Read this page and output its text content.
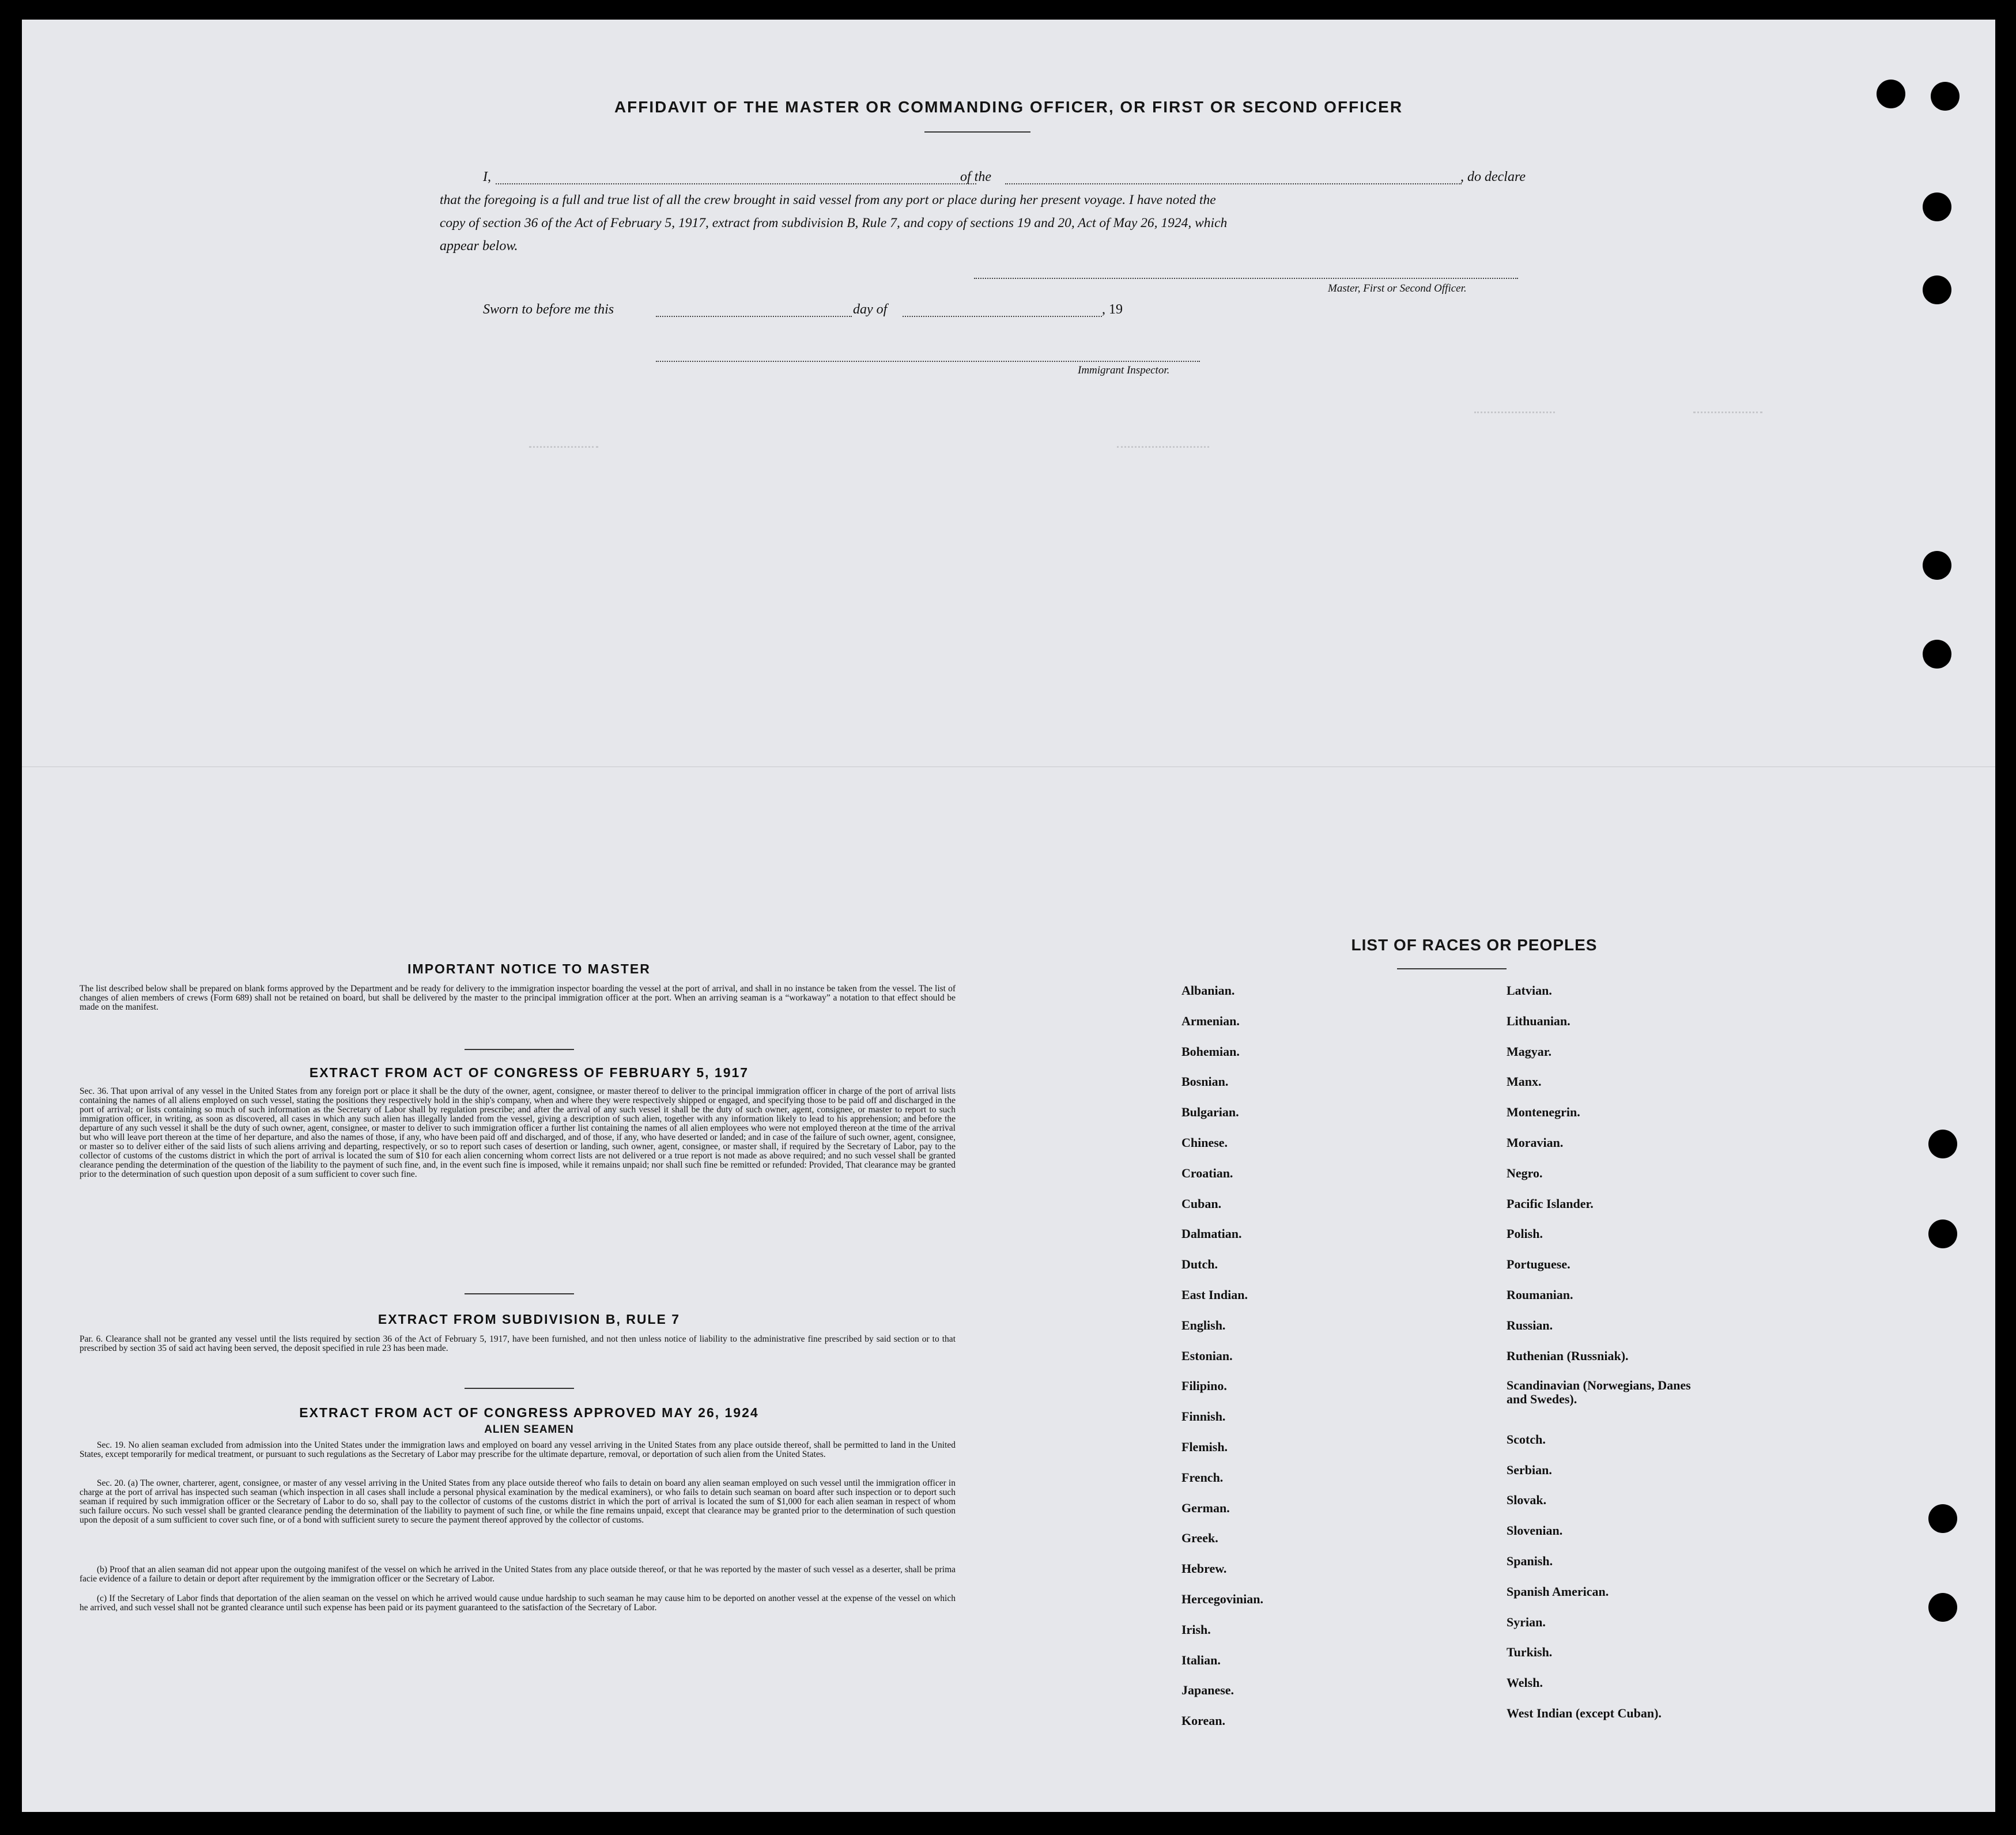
AFFIDAVIT OF THE MASTER OR COMMANDING OFFICER, OR FIRST OR SECOND OFFICER
I,	of the	, do declare
that the foregoing is a full and true list of all the crew brought in said vessel from any port or place during her present voyage. I have noted the
copy of section 36 of the Act of February 5, 1917, extract from subdivision B, Rule 7, and copy of sections 19 and 20, Act of May 26, 1924, which
appear below.
Master, First or Second Officer.
Sworn to before me this	day of	, 19
Immigrant Inspector.
IMPORTANT NOTICE TO MASTER
The list described below shall be prepared on blank forms approved by the Department and be ready for delivery to the immigration inspector boarding the vessel at the port of arrival, and shall in no instance be taken from the vessel. The list of changes of alien members of crews (Form 689) shall not be retained on board, but shall be delivered by the master to the principal immigration officer at the port. When an arriving seaman is a “workaway” a notation to that effect should be made on the manifest.
EXTRACT FROM ACT OF CONGRESS OF FEBRUARY 5, 1917
Sec. 36. That upon arrival of any vessel in the United States from any foreign port or place it shall be the duty of the owner, agent, consignee, or master thereof to deliver to the principal immigration officer in charge of the port of arrival lists containing the names of all aliens employed on such vessel, stating the positions they respectively hold in the ship's company, when and where they were respectively shipped or engaged, and specifying those to be paid off and discharged in the port of arrival; or lists containing so much of such information as the Secretary of Labor shall by regulation prescribe; and after the arrival of any such vessel it shall be the duty of such owner, agent, consignee, or master to report to such immigration officer, in writing, as soon as discovered, all cases in which any such alien has illegally landed from the vessel, giving a description of such alien, together with any information likely to lead to his apprehension; and before the departure of any such vessel it shall be the duty of such owner, agent, consignee, or master to deliver to such immigration officer a further list containing the names of all alien employees who were not employed thereon at the time of the arrival but who will leave port thereon at the time of her departure, and also the names of those, if any, who have been paid off and discharged, and of those, if any, who have deserted or landed; and in case of the failure of such owner, agent, consignee, or master so to deliver either of the said lists of such aliens arriving and departing, respectively, or so to report such cases of desertion or landing, such owner, agent, consignee, or master shall, if required by the Secretary of Labor, pay to the collector of customs of the customs district in which the port of arrival is located the sum of $10 for each alien concerning whom correct lists are not delivered or a true report is not made as above required; and no such vessel shall be granted clearance pending the determination of the question of the liability to the payment of such fine, and, in the event such fine is imposed, while it remains unpaid; nor shall such fine be remitted or refunded: Provided, That clearance may be granted prior to the determination of such question upon deposit of a sum sufficient to cover such fine.
EXTRACT FROM SUBDIVISION B, RULE 7
Par. 6. Clearance shall not be granted any vessel until the lists required by section 36 of the Act of February 5, 1917, have been furnished, and not then unless notice of liability to the administrative fine prescribed by said section or to that prescribed by section 35 of said act having been served, the deposit specified in rule 23 has been made.
EXTRACT FROM ACT OF CONGRESS APPROVED MAY 26, 1924
ALIEN SEAMEN
Sec. 19. No alien seaman excluded from admission into the United States under the immigration laws and employed on board any vessel arriving in the United States from any place outside thereof, shall be permitted to land in the United States, except temporarily for medical treatment, or pursuant to such regulations as the Secretary of Labor may prescribe for the ultimate departure, removal, or deportation of such alien from the United States.
Sec. 20. (a) The owner, charterer, agent, consignee, or master of any vessel arriving in the United States from any place outside thereof who fails to detain on board any alien seaman employed on such vessel until the immigration officer in charge at the port of arrival has inspected such seaman (which inspection in all cases shall include a personal physical examination by the medical examiners), or who fails to detain such seaman on board after such inspection or to deport such seaman if required by such immigration officer or the Secretary of Labor to do so, shall pay to the collector of customs of the customs district in which the port of arrival is located the sum of $1,000 for each alien seaman in respect of whom such failure occurs. No such vessel shall be granted clearance pending the determination of the liability to payment of such fine, or while the fine remains unpaid, except that clearance may be granted prior to the determination of such question upon the deposit of a sum sufficient to cover such fine, or of a bond with sufficient surety to secure the payment thereof approved by the collector of customs.
(b) Proof that an alien seaman did not appear upon the outgoing manifest of the vessel on which he arrived in the United States from any place outside thereof, or that he was reported by the master of such vessel as a deserter, shall be prima facie evidence of a failure to detain or deport after requirement by the immigration officer or the Secretary of Labor.
(c) If the Secretary of Labor finds that deportation of the alien seaman on the vessel on which he arrived would cause undue hardship to such seaman he may cause him to be deported on another vessel at the expense of the vessel on which he arrived, and such vessel shall not be granted clearance until such expense has been paid or its payment guaranteed to the satisfaction of the Secretary of Labor.
LIST OF RACES OR PEOPLES
Albanian.
Armenian.
Bohemian.
Bosnian.
Bulgarian.
Chinese.
Croatian.
Cuban.
Dalmatian.
Dutch.
East Indian.
English.
Estonian.
Filipino.
Finnish.
Flemish.
French.
German.
Greek.
Hebrew.
Hercegovinian.
Irish.
Italian.
Japanese.
Korean.
Latvian.
Lithuanian.
Magyar.
Manx.
Montenegrin.
Moravian.
Negro.
Pacific Islander.
Polish.
Portuguese.
Roumanian.
Russian.
Ruthenian (Russniak).
Scandinavian (Norwegians, Danes and Swedes).
Scotch.
Serbian.
Slovak.
Slovenian.
Spanish.
Spanish American.
Syrian.
Turkish.
Welsh.
West Indian (except Cuban).
